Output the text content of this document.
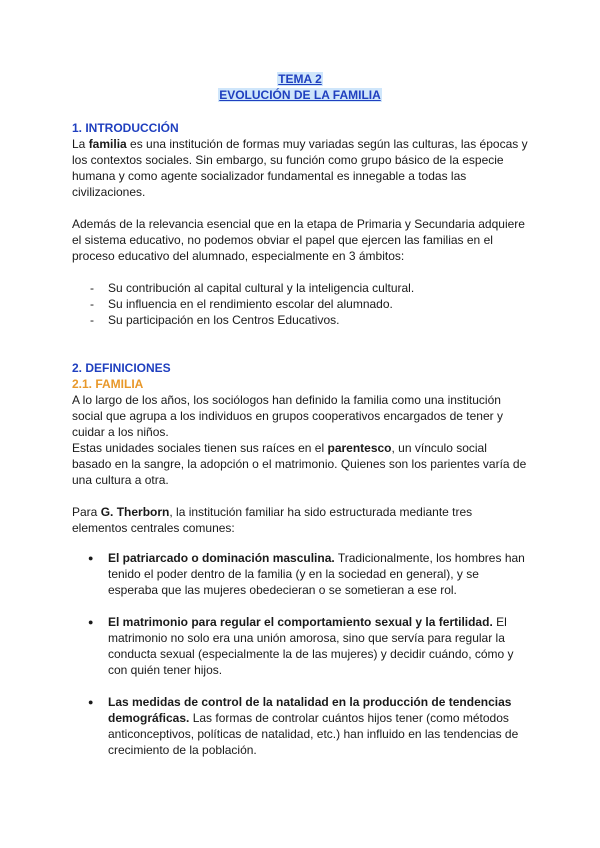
TEMA 2
EVOLUCIÓN DE LA FAMILIA
1. INTRODUCCIÓN
La familia es una institución de formas muy variadas según las culturas, las épocas y los contextos sociales. Sin embargo, su función como grupo básico de la especie humana y como agente socializador fundamental es innegable a todas las civilizaciones.
Además de la relevancia esencial que en la etapa de Primaria y Secundaria adquiere el sistema educativo, no podemos obviar el papel que ejercen las familias en el proceso educativo del alumnado, especialmente en 3 ámbitos:
-	Su contribución al capital cultural y la inteligencia cultural.
-	Su influencia en el rendimiento escolar del alumnado.
-	Su participación en los Centros Educativos.
2. DEFINICIONES
2.1. FAMILIA
A lo largo de los años, los sociólogos han definido la familia como una institución social que agrupa a los individuos en grupos cooperativos encargados de tener y cuidar a los niños.
Estas unidades sociales tienen sus raíces en el parentesco, un vínculo social basado en la sangre, la adopción o el matrimonio. Quienes son los parientes varía de una cultura a otra.
Para G. Therborn, la institución familiar ha sido estructurada mediante tres elementos centrales comunes:
●	El patriarcado o dominación masculina. Tradicionalmente, los hombres han tenido el poder dentro de la familia (y en la sociedad en general), y se esperaba que las mujeres obedecieran o se sometieran a ese rol.
●	El matrimonio para regular el comportamiento sexual y la fertilidad. El matrimonio no solo era una unión amorosa, sino que servía para regular la conducta sexual (especialmente la de las mujeres) y decidir cuándo, cómo y con quién tener hijos.
●	Las medidas de control de la natalidad en la producción de tendencias demográficas. Las formas de controlar cuántos hijos tener (como métodos anticonceptivos, políticas de natalidad, etc.) han influido en las tendencias de crecimiento de la población.
